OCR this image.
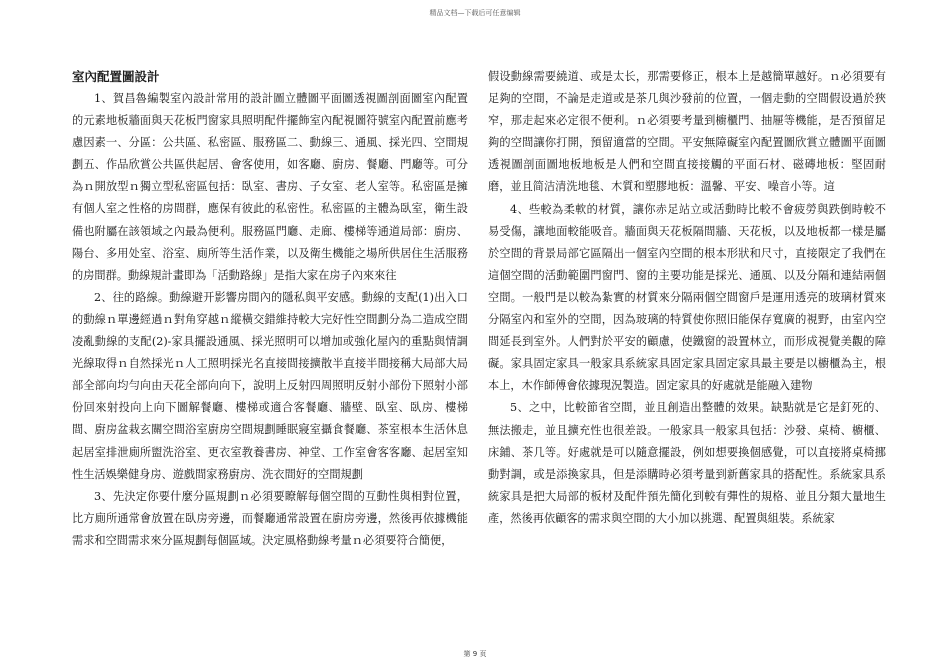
精品文档—下载后可任意编辑
室內配置圖設計

1、賀昌魯編製室內設計常用的設計圖立體圖平面圖透視圖剖面圖室內配置的元素地板牆面與天花板門窗家具照明配件擺飾室內配視圖符號室內配置前應考慮因素一、分區：公共區、私密區、服務區二、動線三、通風、採光四、空間規劃五、作品欣賞公共區供起居、會客使用，如客廳、廚房、餐廳、門廳等。可分為ｎ開放型ｎ獨立型私密區包括：臥室、書房、子女室、老人室等。私密區是擁有個人室之性格的房間群，應保有彼此的私密性。私密區的主體為臥室，衛生設備也附屬在該領域之內最為便利。服務區門廳、走廊、樓梯等通道局部：廚房、陽台、多用处室、浴室、廁所等生活作業，以及衛生機能之場所供居住生活服務的房間群。動線規計畫即為「活動路線」是指大家在房子內來來往

2、往的路線。動線避开影響房間內的隱私與平安感。動線的支配(1)出入口的動線ｎ單邊經過ｎ對角穿越ｎ縱橫交錯維持較大完好性空間劃分為二造成空間凌亂動線的支配(2)-家具擺設通風、採光照明可以增加或強化屋內的重點與情調光線取得ｎ自然採光ｎ人工照明採光名直接間接擴散半直接半間接稱大局部大局部全部向均勻向由天花全部向向下，說明上反射四周照明反射小部份下照射小部份回來射投向上向下圖解餐廳、樓梯或適合客餐廳、牆壁、臥室、臥房、樓梯間、廚房盆栽玄關空間浴室廚房空間規劃睡眠寢室攝食餐廳、茶室根本生活休息起居室排泄廁所盥洗浴室、更衣室教養書房、神堂、工作室會客客廳、起居室知性生活娛樂健身房、遊戲間家務廚房、洗衣間好的空間規劃

3、先決定你要什麼分區規劃ｎ必須要瞭解每個空間的互動性與相對位置，比方廁所通常會放置在臥房旁邊，而餐廳通常設置在廚房旁邊，然後再依據機能需求和空間需求來分區規劃每個區域。決定風格動線考量ｎ必須要符合簡便，

假设動線需要繞道、或是太长，那需要修正，根本上是越簡單越好。ｎ必須要有足夠的空間，不論是走道或是茶几與沙發前的位置，一個走動的空間假设過於狹窄，那走起來必定很不便利。ｎ必須要考量到櫥櫃門、抽屜等機能，是否預留足夠的空間讓你打開，預留適當的空間。平安無障礙室內配置圖欣賞立體圖平面圖透視圖剖面圖地板地板是人們和空間直接接觸的平面石材、磁磚地板：堅固耐磨，並且简洁清洗地毯、木質和塑膠地板：溫馨、平安、噪音小等。這

4、些較為柔軟的材質，讓你赤足站立或活動時比較不會疲勞與跌倒時較不易受傷，讓地面較能吸音。牆面與天花板隔間牆、天花板，以及地板都一樣是屬於空間的背景局部它區隔出一個室內空間的根本形狀和尺寸，直接限定了我們在這個空間的活動範圍門窗門、窗的主要功能是採光、通風、以及分隔和連結兩個空間。一般門是以較為紮實的材質來分隔兩個空間窗戶是運用透亮的玻璃材質來分隔室內和室外的空間，因為玻璃的特質使你照旧能保存寬廣的視野，由室內空間延長到室外。人們對於平安的顧慮，使鐵窗的設置林立，而形成視覺美觀的障礙。家具固定家具一般家具系統家具固定家具固定家具最主要是以櫥櫃為主，根本上，木作師傅會依據現況製造。固定家具的好處就是能融入建物

5、之中，比較節省空間，並且創造出整體的效果。缺點就是它是釘死的、無法搬走，並且擴充性也很差設。一般家具一般家具包括：沙發、桌椅、櫥櫃、床鋪、茶几等。好處就是可以隨意擺設，例如想要換個感覺，可以直接將桌椅挪動對調，或是添換家具，但是添購時必須考量到新舊家具的搭配性。系統家具系統家具是把大局部的板材及配件預先簡化到較有彈性的規格、並且分類大量地生產，然後再依顧客的需求與空間的大小加以挑選、配置與組裝。系統家

第 9 页
